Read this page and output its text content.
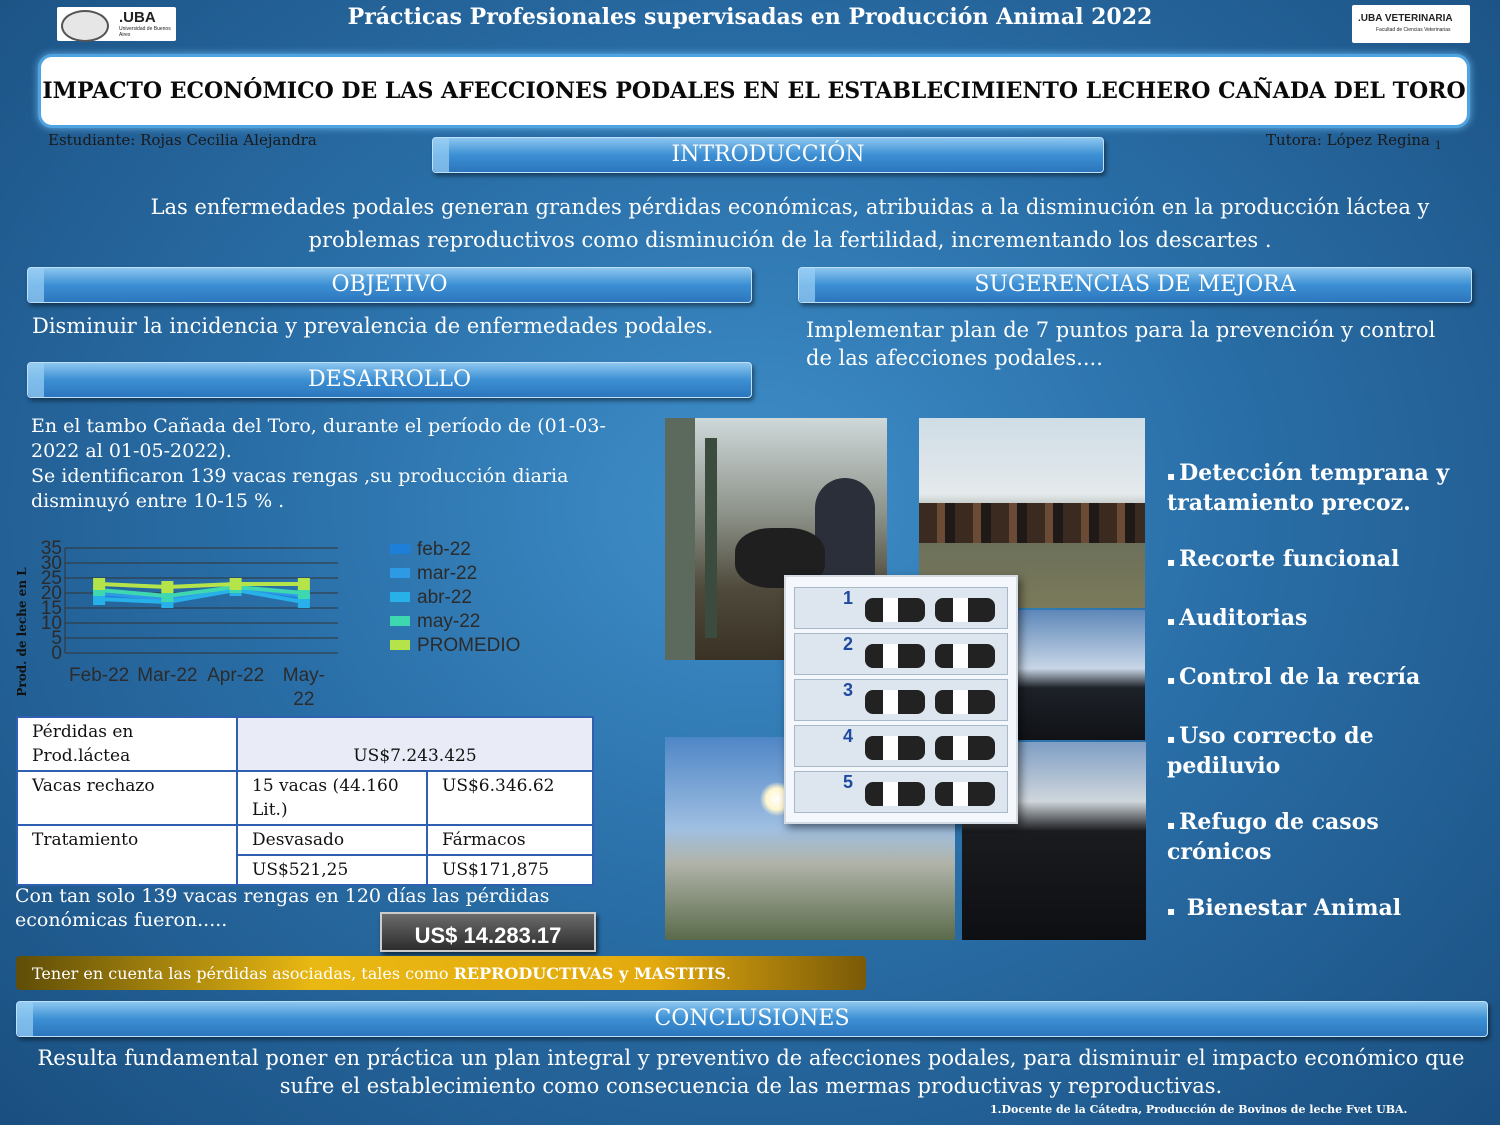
.UBA
Universidad de Buenos Aires
Prácticas Profesionales supervisadas en Producción Animal 2022	.UBA VETERINARIA
Facultad de Ciencias Veterinarias
IMPACTO ECONÓMICO DE LAS AFECCIONES PODALES EN EL ESTABLECIMIENTO LECHERO CAÑADA DEL TORO
Estudiante: Rojas Cecilia Alejandra	Tutora: López Regina $_1$
INTRODUCCIÓN
Las enfermedades podales generan grandes pérdidas económicas, atribuidas a la disminución en la producción láctea y problemas reproductivos como disminución de la fertilidad, incrementando los descartes .
OBJETIVO
Disminuir la incidencia y prevalencia de enfermedades podales.
SUGERENCIAS DE MEJORA
Implementar plan de 7 puntos para la prevención y control de las afecciones podales....
DESARROLLO
En el tambo Cañada del Toro, durante el período de (01-03-2022 al 01-05-2022).
Se identificaron 139 vacas rengas ,su producción diaria disminuyó entre 10-15 % .
Prod. de leche en L Feb-22 Mar-22 Apr-22 May-
22
0
5
10
15
20
25
30
35	feb-22
mar-22
abr-22
may-22
PROMEDIO
Pérdidas en Prod.láctea	US$7.243.425	
Vacas rechazo	15 vacas (44.160 Lit.)	US$6.346.62
Tratamiento	Desvasado	Fármacos
	US$521,25	US$171,875
Con tan solo 139 vacas rengas en 120 días las pérdidas económicas fueron.....
US$ 14.283.17
Tener en cuenta las pérdidas asociadas, tales como REPRODUCTIVAS y MASTITIS.
1
2
3
4
5
▪ Detección temprana y tratamiento precoz.
▪ Recorte funcional
▪ Auditorias
▪ Control de la recría
▪ Uso correcto de pediluvio
▪ Refugo de casos crónicos
▪ Bienestar Animal
CONCLUSIONES
Resulta fundamental poner en práctica un plan integral y preventivo de afecciones podales, para disminuir el impacto económico que sufre el establecimiento como consecuencia de las mermas productivas y reproductivas.
1.Docente de la Cátedra, Producción de Bovinos de leche Fvet UBA.
